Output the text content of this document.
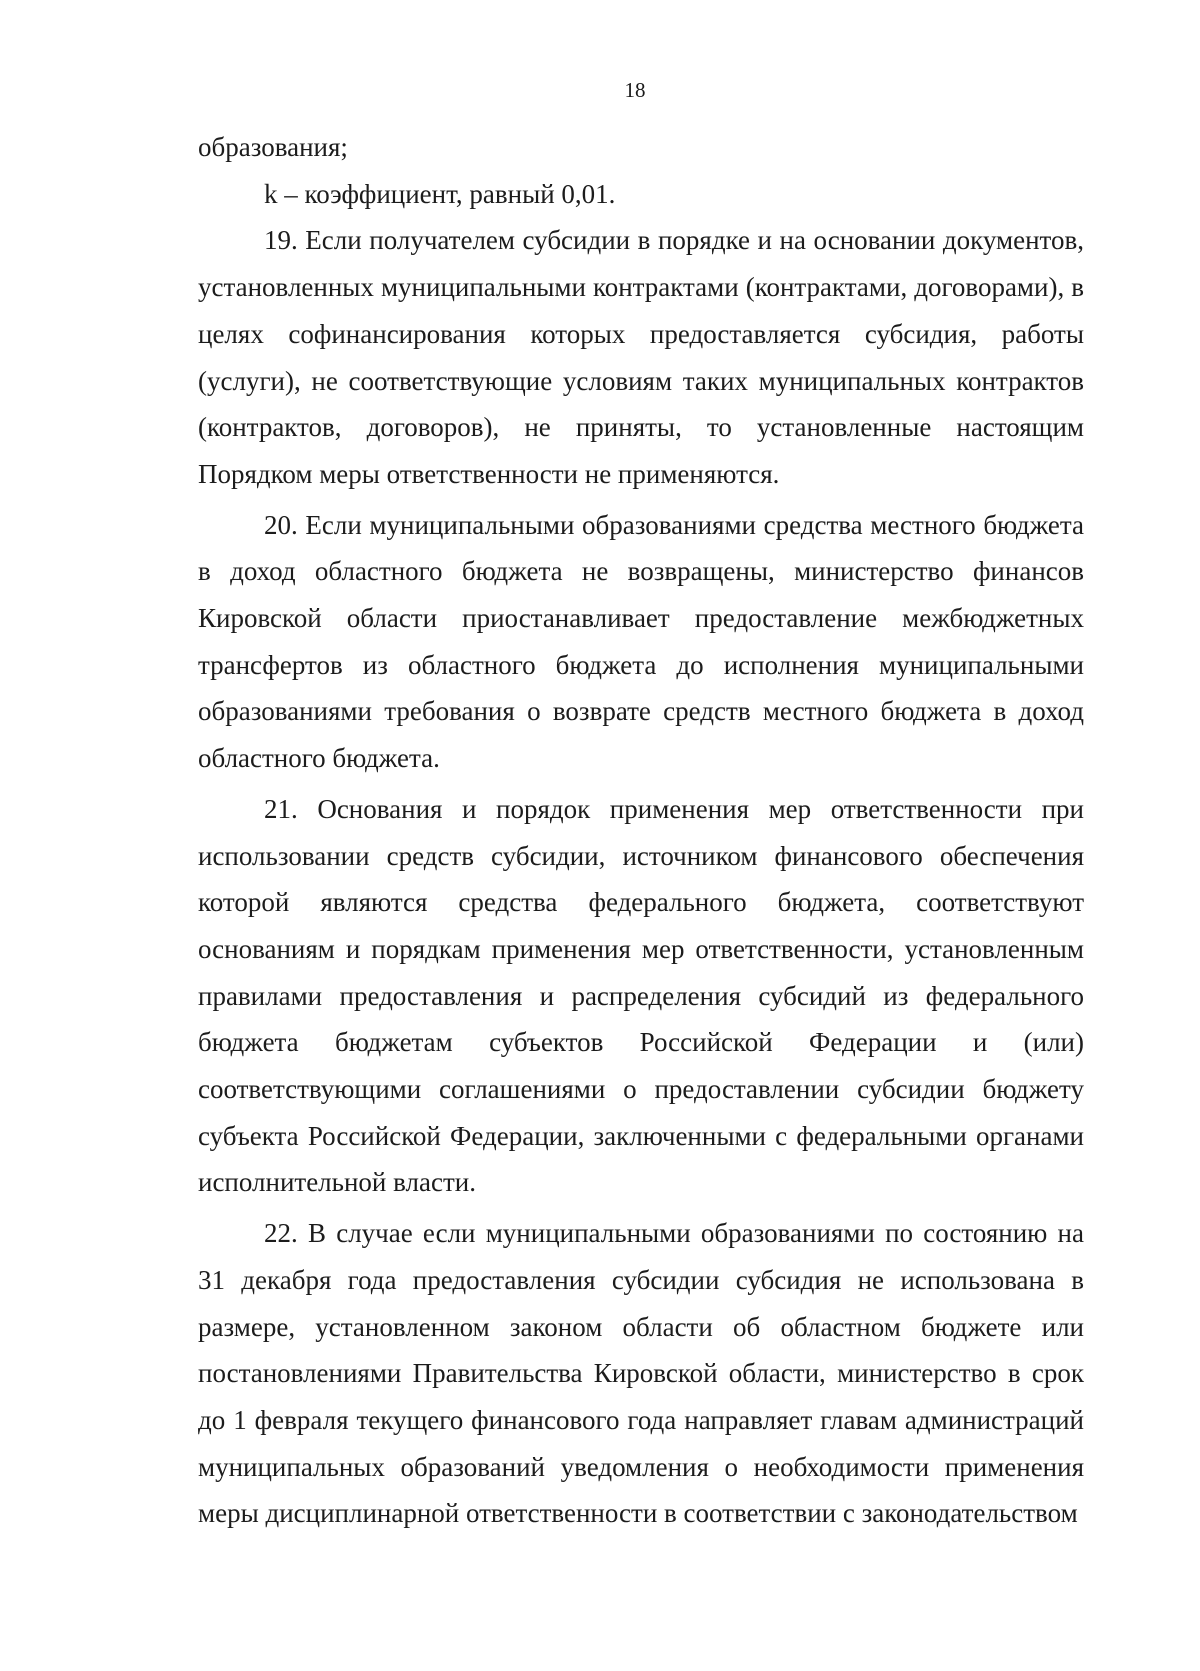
18

образования;

k – коэффициент, равный 0,01.

19. Если получателем субсидии в порядке и на основании документов, установленных муниципальными контрактами (контрактами, договорами), в целях софинансирования которых предоставляется субсидия, работы (услуги), не соответствующие условиям таких муниципальных контрактов (контрактов, договоров), не приняты, то установленные настоящим Порядком меры ответственности не применяются.

20. Если муниципальными образованиями средства местного бюджета в доход областного бюджета не возвращены, министерство финансов Кировской области приостанавливает предоставление межбюджетных трансфертов из областного бюджета до исполнения муниципальными образованиями требования о возврате средств местного бюджета в доход областного бюджета.

21. Основания и порядок применения мер ответственности при использовании средств субсидии, источником финансового обеспечения которой являются средства федерального бюджета, соответствуют основаниям и порядкам применения мер ответственности, установленным правилами предоставления и распределения субсидий из федерального бюджета бюджетам субъектов Российской Федерации и (или) соответствующими соглашениями о предоставлении субсидии бюджету субъекта Российской Федерации, заключенными с федеральными органами исполнительной власти.

22. В случае если муниципальными образованиями по состоянию на 31 декабря года предоставления субсидии субсидия не использована в размере, установленном законом области об областном бюджете или постановлениями Правительства Кировской области, министерство в срок до 1 февраля текущего финансового года направляет главам администраций муниципальных образований уведомления о необходимости применения меры дисциплинарной ответственности в соответствии с законодательством
